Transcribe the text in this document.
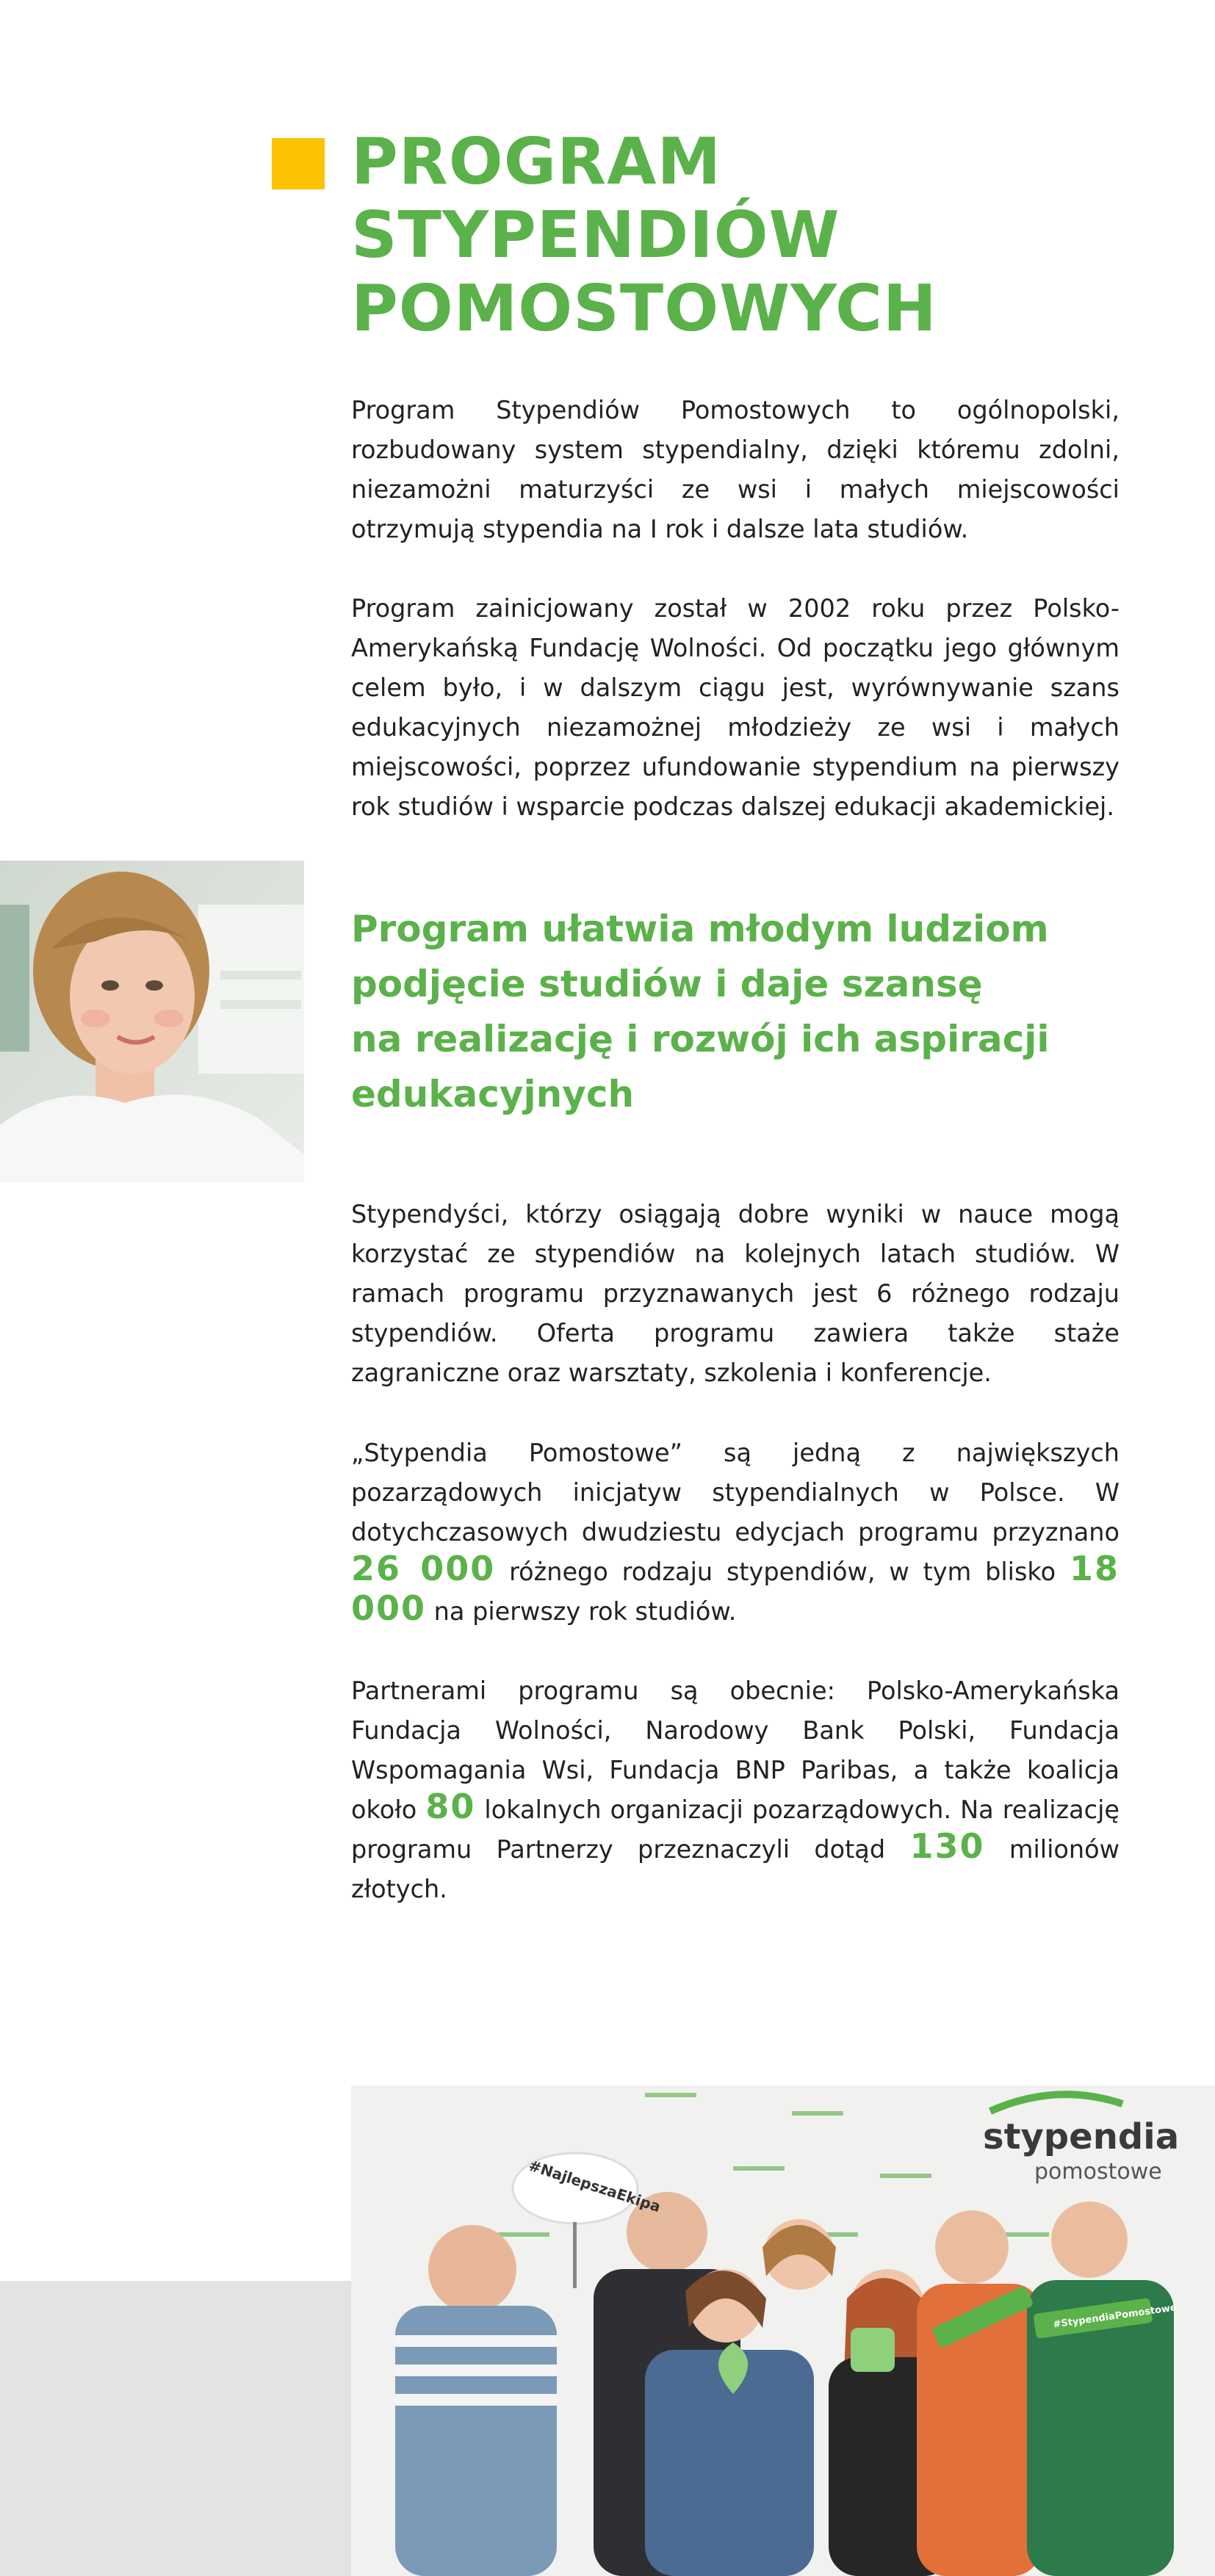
PROGRAM
STYPENDIÓW
POMOSTOWYCH

Program Stypendiów Pomostowych to ogólnopolski, rozbudowany system stypendialny, dzięki któremu zdolni, niezamożni maturzyści ze wsi i małych miejscowości otrzymują stypendia na I rok i dalsze lata studiów.

Program zainicjowany został w 2002 roku przez Polsko-Amerykańską Fundację Wolności. Od początku jego głównym celem było, i w dalszym ciągu jest, wyrównywanie szans edukacyjnych niezamożnej młodzieży ze wsi i małych miejscowości, poprzez ufundowanie stypendium na pierwszy rok studiów i wsparcie podczas dalszej edukacji akademickiej.

Program ułatwia młodym ludziom
podjęcie studiów i daje szansę
na realizację i rozwój ich aspiracji
edukacyjnych

Stypendyści, którzy osiągają dobre wyniki w nauce mogą korzystać ze stypendiów na kolejnych latach studiów. W ramach programu przyznawanych jest 6 różnego rodzaju stypendiów. Oferta programu zawiera także staże zagraniczne oraz warsztaty, szkolenia i konferencje.

„Stypendia Pomostowe” są jedną z największych pozarządowych inicjatyw stypendialnych w Polsce. W dotychczasowych dwudziestu edycjach programu przyznano 26 000 różnego rodzaju stypendiów, w tym blisko 18 000 na pierwszy rok studiów.

Partnerami programu są obecnie: Polsko-Amerykańska Fundacja Wolności, Narodowy Bank Polski, Fundacja Wspomagania Wsi, Fundacja BNP Paribas, a także koalicja około 80 lokalnych organizacji pozarządowych. Na realizację programu Partnerzy przeznaczyli dotąd 130 milionów złotych.

stypendia
pomostowe
#NajlepszaEkipa
#StypendiaPomostowe
